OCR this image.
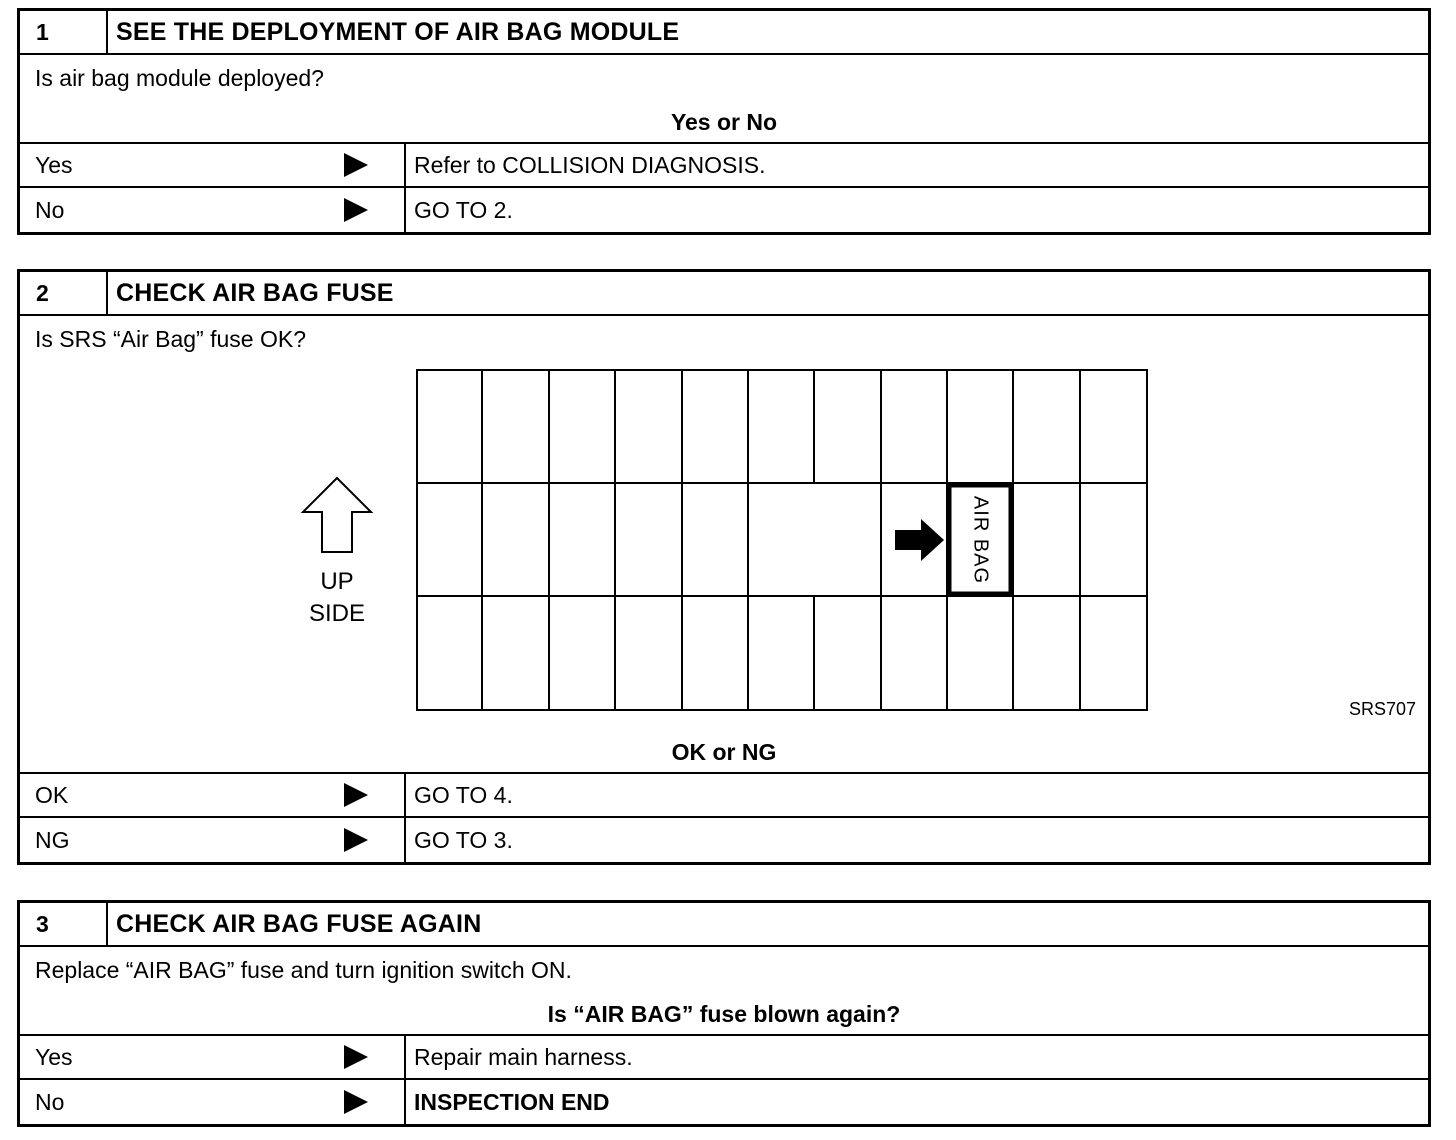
1	SEE THE DEPLOYMENT OF AIR BAG MODULE
Is air bag module deployed?
Yes or No
Yes	Refer to COLLISION DIAGNOSIS.
No	GO TO 2.
2	CHECK AIR BAG FUSE
Is SRS “Air Bag” fuse OK?
UP
SIDE
AIR BAG
SRS707
OK or NG
OK	GO TO 4.
NG	GO TO 3.
3	CHECK AIR BAG FUSE AGAIN
Replace “AIR BAG” fuse and turn ignition switch ON.
Is “AIR BAG” fuse blown again?
Yes	Repair main harness.
No	INSPECTION END
